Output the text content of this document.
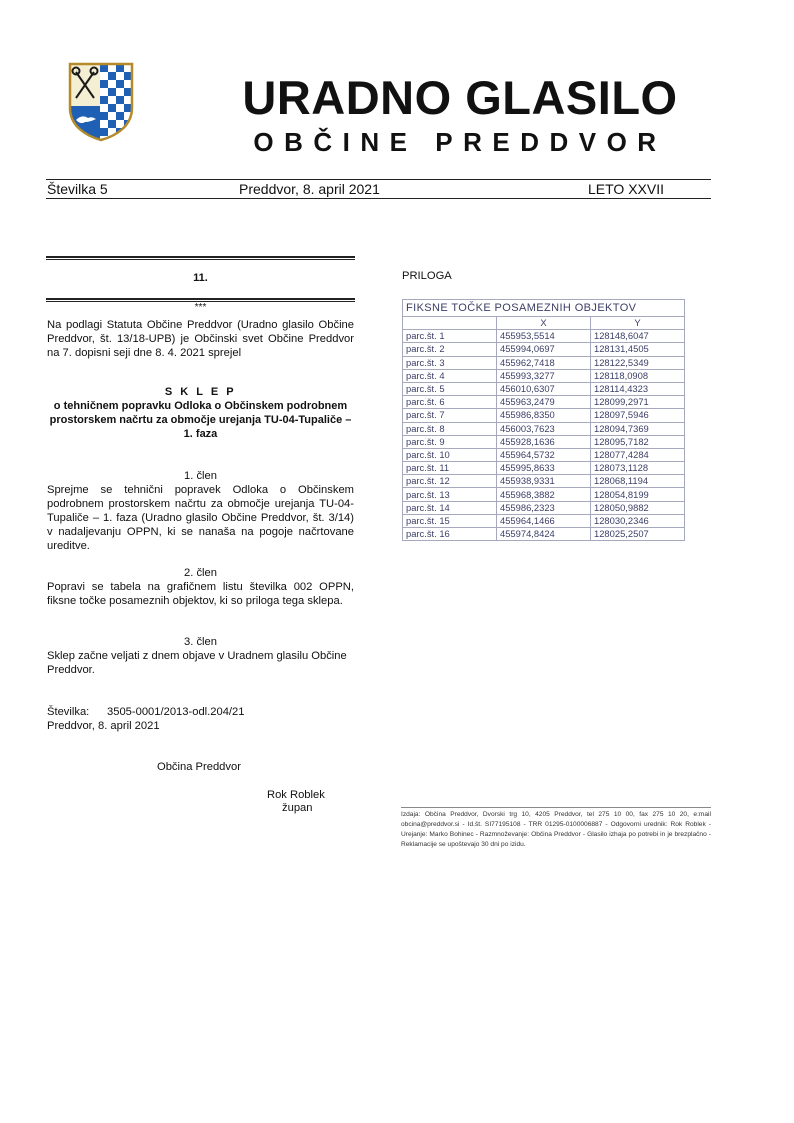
URADNO GLASILO
OBČINE PREDDVOR
Številka 5	Preddvor, 8. april 2021	LETO XXVII
11.
***
Na podlagi Statuta Občine Preddvor (Uradno glasilo Občine Preddvor, št. 13/18-UPB) je Občinski svet Občine Preddvor na 7. dopisni seji dne 8. 4. 2021 sprejel
S K L E P
o tehničnem popravku Odloka o Občinskem podrobnem prostorskem načrtu za območje urejanja TU-04-Tupaliče – 1. faza
1. člen
Sprejme se tehnični popravek Odloka o Občinskem podrobnem prostorskem načrtu za območje urejanja TU-04-Tupaliče – 1. faza (Uradno glasilo Občine Preddvor, št. 3/14) v nadaljevanju OPPN, ki se nanaša na pogoje načrtovane ureditve.
2. člen
Popravi se tabela na grafičnem listu številka 002 OPPN, fiksne točke posameznih objektov, ki so priloga tega sklepa.
3. člen
Sklep začne veljati z dnem objave v Uradnem glasilu Občine Preddvor.
Številka: 3505-0001/2013-odl.204/21
Preddvor, 8. april 2021
Občina Preddvor
Rok Roblek
župan
PRILOGA
FIKSNE TOČKE POSAMEZNIH OBJEKTOV		
	X	Y
parc.št. 1	455953,5514	128148,6047
parc.št. 2	455994,0697	128131,4505
parc.št. 3	455962,7418	128122,5349
parc.št. 4	455993,3277	128118,0908
parc.št. 5	456010,6307	128114,4323
parc.št. 6	455963,2479	128099,2971
parc.št. 7	455986,8350	128097,5946
parc.št. 8	456003,7623	128094,7369
parc.št. 9	455928,1636	128095,7182
parc.št. 10	455964,5732	128077,4284
parc.št. 11	455995,8633	128073,1128
parc.št. 12	455938,9331	128068,1194
parc.št. 13	455968,3882	128054,8199
parc.št. 14	455986,2323	128050,9882
parc.št. 15	455964,1466	128030,2346
parc.št. 16	455974,8424	128025,2507
Izdaja: Občina Preddvor, Dvorski trg 10, 4205 Preddvor, tel 275 10 00, fax 275 10 20, e:mail obcina@preddvor.si - Id.št. SI77195108 - TRR 01295-0100006887 - Odgovorni urednik: Rok Roblek - Urejanje: Marko Bohinec - Razmnoževanje: Občina Preddvor - Glasilo izhaja po potrebi in je brezplačno - Reklamacije se upoštevajo 30 dni po izidu.
